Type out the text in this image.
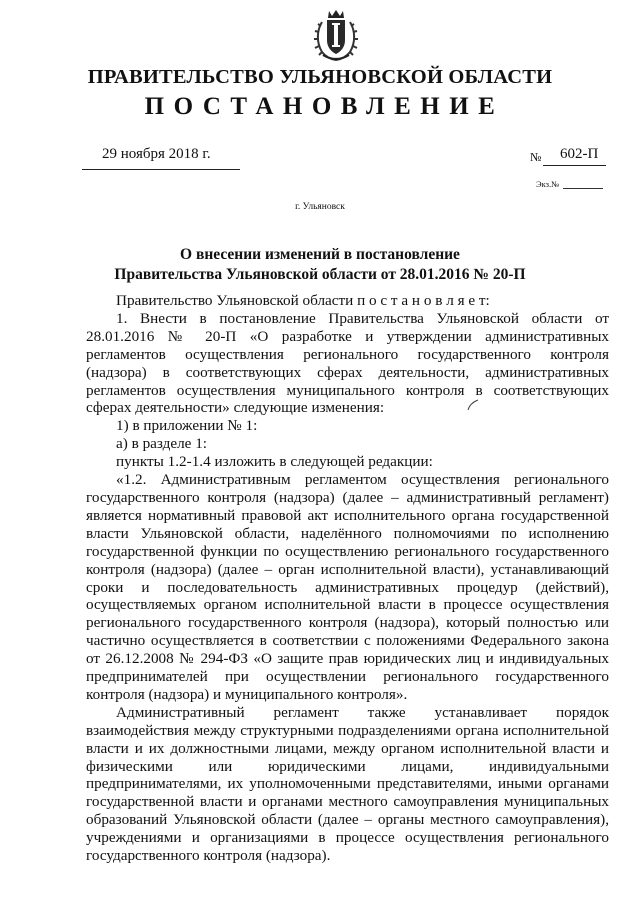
ПРАВИТЕЛЬСТВО УЛЬЯНОВСКОЙ ОБЛАСТИ
ПОСТАНОВЛЕНИЕ
29 ноября 2018 г.	№ 602-П
Экз.№
г. Ульяновск
О внесении изменений в постановление
Правительства Ульяновской области от 28.01.2016 № 20-П

Правительство Ульяновской области п о с т а н о в л я е т:

1. Внести в постановление Правительства Ульяновской области от 28.01.2016 № 20-П «О разработке и утверждении административных регламентов осуществления регионального государственного контроля (надзора) в соответствующих сферах деятельности, административных регламентов осуществления муниципального контроля в соответствующих сферах деятельности» следующие изменения:

1) в приложении № 1:

а) в разделе 1:

пункты 1.2-1.4 изложить в следующей редакции:

«1.2. Административным регламентом осуществления регионального государственного контроля (надзора) (далее – административный регламент) является нормативный правовой акт исполнительного органа государственной власти Ульяновской области, наделённого полномочиями по исполнению государственной функции по осуществлению регионального государственного контроля (надзора) (далее – орган исполнительной власти), устанавливающий сроки и последовательность административных процедур (действий), осуществляемых органом исполнительной власти в процессе осуществления регионального государственного контроля (надзора), который полностью или частично осуществляется в соответствии с положениями Федерального закона от 26.12.2008 № 294-ФЗ «О защите прав юридических лиц и индивидуальных предпринимателей при осуществлении регионального государственного контроля (надзора) и муниципального контроля».

Административный регламент также устанавливает порядок взаимодействия между структурными подразделениями органа исполнительной власти и их должностными лицами, между органом исполнительной власти и физическими или юридическими лицами, индивидуальными предпринимателями, их уполномоченными представителями, иными органами государственной власти и органами местного самоуправления муниципальных образований Ульяновской области (далее – органы местного самоуправления), учреждениями и организациями в процессе осуществления регионального государственного контроля (надзора).
